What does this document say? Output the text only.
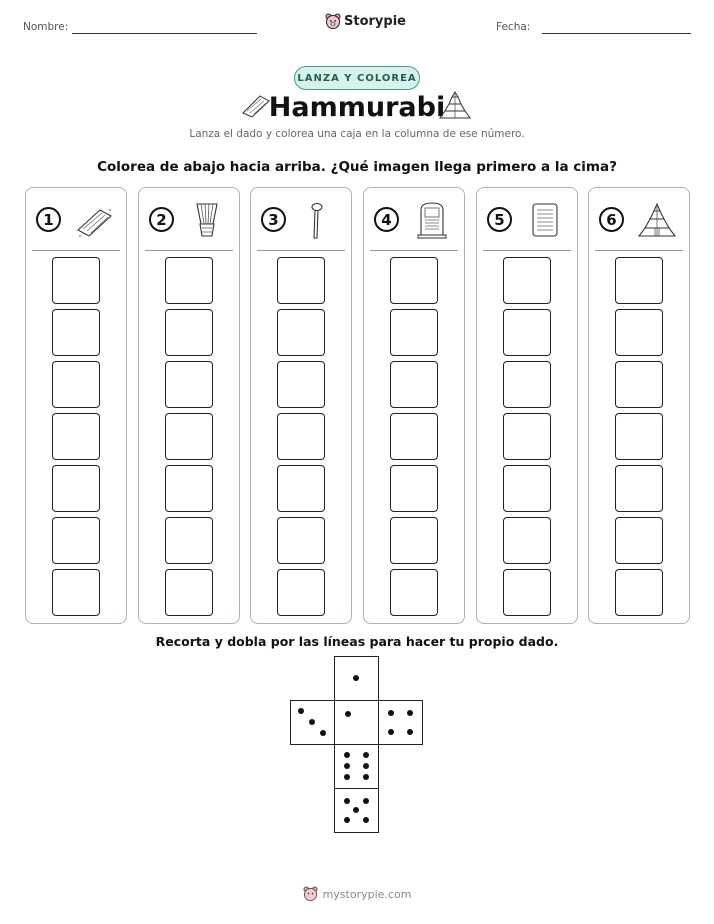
Nombre:	Storypie	Fecha:
LANZA Y COLOREA
Hammurabi
Lanza el dado y colorea una caja en la columna de ese número.
Colorea de abajo hacia arriba. ¿Qué imagen llega primero a la cima?
1	2	3	4	5	6
Recorta y dobla por las líneas para hacer tu propio dado.
mystorypie.com
